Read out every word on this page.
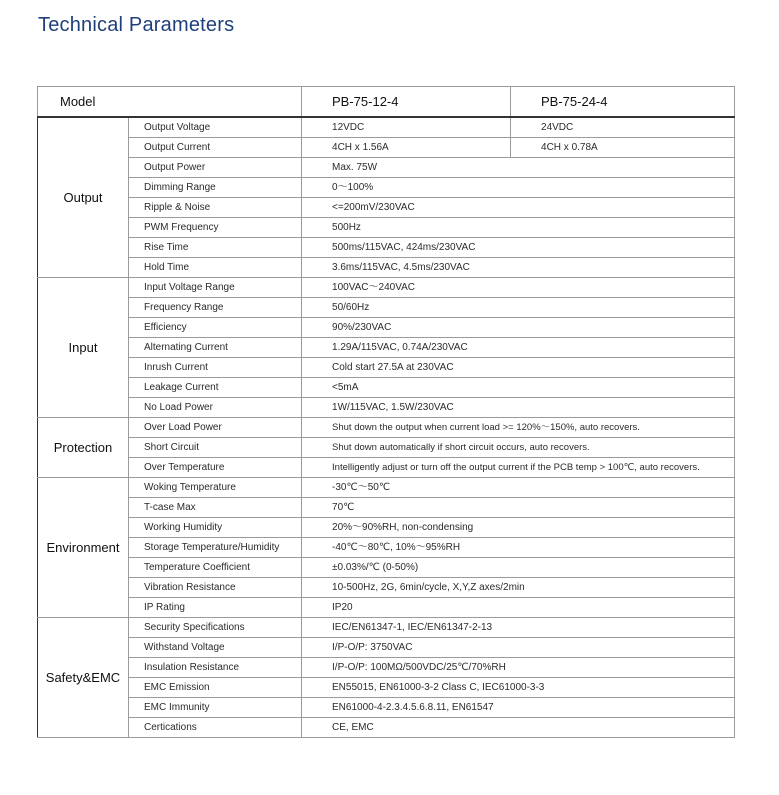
Technical Parameters
Model		PB-75-12-4	PB-75-24-4
Output	Output Voltage	12VDC	24VDC
	Output Current	4CH x 1.56A	4CH x 0.78A
	Output Power	Max. 75W	
	Dimming Range	0～100%	
	Ripple & Noise	<=200mV/230VAC	
	PWM Frequency	500Hz	
	Rise Time	500ms/115VAC, 424ms/230VAC	
	Hold Time	3.6ms/115VAC, 4.5ms/230VAC	
Input	Input Voltage Range	100VAC～240VAC	
	Frequency Range	50/60Hz	
	Efficiency	90%/230VAC	
	Alternating Current	1.29A/115VAC, 0.74A/230VAC	
	Inrush Current	Cold start 27.5A at 230VAC	
	Leakage Current	<5mA	
	No Load Power	1W/115VAC, 1.5W/230VAC	
Protection	Over Load Power	Shut down the output when current load >= 120%～150%, auto recovers.	
	Short Circuit	Shut down automatically if short circuit occurs, auto recovers.	
	Over Temperature	Intelligently adjust or turn off the output current if the PCB temp > 100℃, auto recovers.	
Environment	Woking Temperature	-30℃～50℃	
	T-case Max	70℃	
	Working Humidity	20%～90%RH, non-condensing	
	Storage Temperature/Humidity	-40℃～80℃, 10%～95%RH	
	Temperature Coefficient	±0.03%/℃ (0-50%)	
	Vibration Resistance	10-500Hz, 2G, 6min/cycle, X,Y,Z axes/2min	
	IP Rating	IP20	
Safety&EMC	Security Specifications	IEC/EN61347-1, IEC/EN61347-2-13	
	Withstand Voltage	I/P-O/P: 3750VAC	
	Insulation Resistance	I/P-O/P: 100MΩ/500VDC/25℃/70%RH	
	EMC Emission	EN55015, EN61000-3-2 Class C, IEC61000-3-3	
	EMC Immunity	EN61000-4-2.3.4.5.6.8.11, EN61547	
	Certications	CE, EMC	
